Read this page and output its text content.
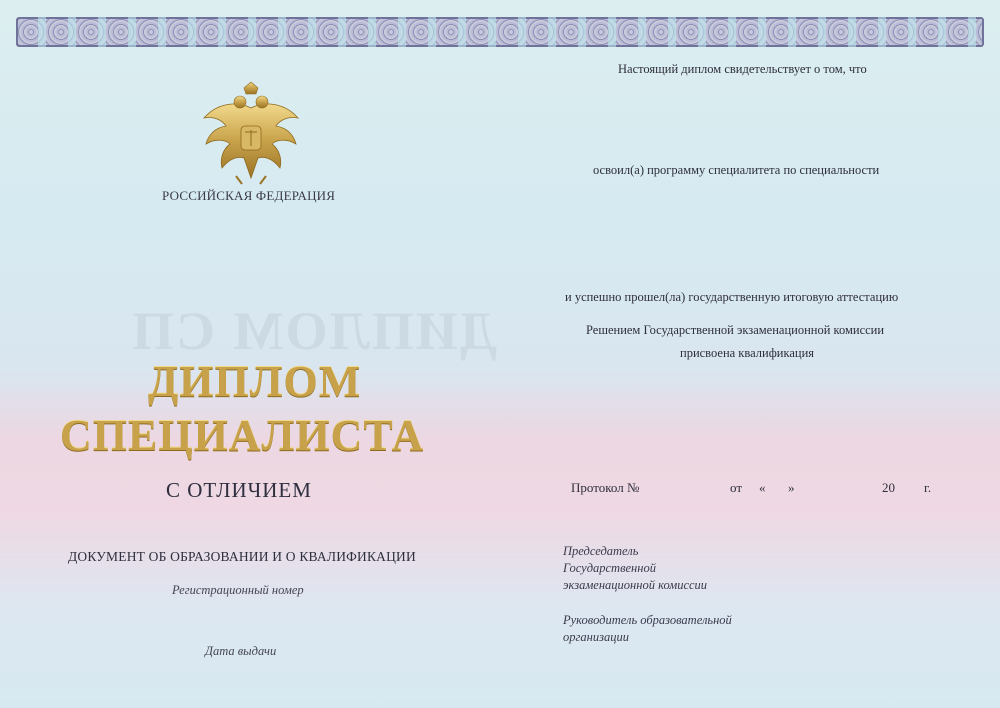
РОССИЙСКАЯ ФЕДЕРАЦИЯ
ДИПЛОМ СП
ДИПЛОМ
СПЕЦИАЛИСТА
С ОТЛИЧИЕМ
ДОКУМЕНТ ОБ ОБРАЗОВАНИИ И О КВАЛИФИКАЦИИ
Регистрационный номер
Дата выдачи
Настоящий диплом свидетельствует о том, что
освоил(а) программу специалитета по специальности
и успешно прошел(ла) государственную итоговую аттестацию
Решением Государственной экзаменационной комиссии
присвоена квалификация
Протокол №	от « »	20 г.
Председатель
Государственной
экзаменационной комиссии
Руководитель образовательной
организации
